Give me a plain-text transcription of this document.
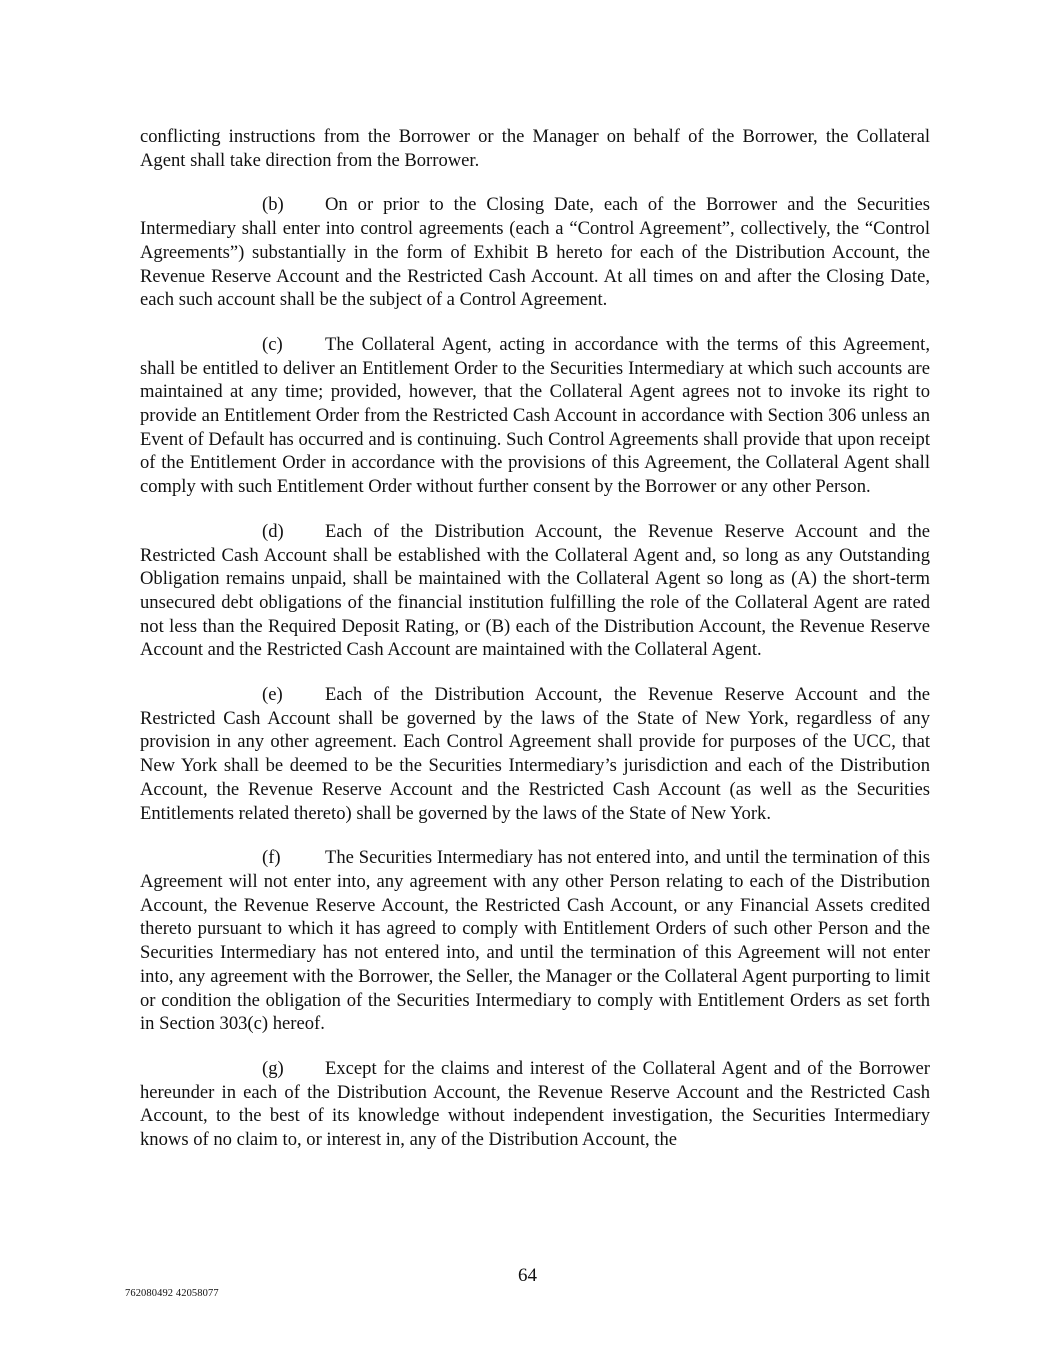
conflicting instructions from the Borrower or the Manager on behalf of the Borrower, the Collateral Agent shall take direction from the Borrower.

(b) On or prior to the Closing Date, each of the Borrower and the Securities Intermediary shall enter into control agreements (each a “Control Agreement”, collectively, the “Control Agreements”) substantially in the form of Exhibit B hereto for each of the Distribution Account, the Revenue Reserve Account and the Restricted Cash Account. At all times on and after the Closing Date, each such account shall be the subject of a Control Agreement.

(c) The Collateral Agent, acting in accordance with the terms of this Agreement, shall be entitled to deliver an Entitlement Order to the Securities Intermediary at which such accounts are maintained at any time; provided, however, that the Collateral Agent agrees not to invoke its right to provide an Entitlement Order from the Restricted Cash Account in accordance with Section 306 unless an Event of Default has occurred and is continuing. Such Control Agreements shall provide that upon receipt of the Entitlement Order in accordance with the provisions of this Agreement, the Collateral Agent shall comply with such Entitlement Order without further consent by the Borrower or any other Person.

(d) Each of the Distribution Account, the Revenue Reserve Account and the Restricted Cash Account shall be established with the Collateral Agent and, so long as any Outstanding Obligation remains unpaid, shall be maintained with the Collateral Agent so long as (A) the short-term unsecured debt obligations of the financial institution fulfilling the role of the Collateral Agent are rated not less than the Required Deposit Rating, or (B) each of the Distribution Account, the Revenue Reserve Account and the Restricted Cash Account are maintained with the Collateral Agent.

(e) Each of the Distribution Account, the Revenue Reserve Account and the Restricted Cash Account shall be governed by the laws of the State of New York, regardless of any provision in any other agreement. Each Control Agreement shall provide for purposes of the UCC, that New York shall be deemed to be the Securities Intermediary’s jurisdiction and each of the Distribution Account, the Revenue Reserve Account and the Restricted Cash Account (as well as the Securities Entitlements related thereto) shall be governed by the laws of the State of New York.

(f) The Securities Intermediary has not entered into, and until the termination of this Agreement will not enter into, any agreement with any other Person relating to each of the Distribution Account, the Revenue Reserve Account, the Restricted Cash Account, or any Financial Assets credited thereto pursuant to which it has agreed to comply with Entitlement Orders of such other Person and the Securities Intermediary has not entered into, and until the termination of this Agreement will not enter into, any agreement with the Borrower, the Seller, the Manager or the Collateral Agent purporting to limit or condition the obligation of the Securities Intermediary to comply with Entitlement Orders as set forth in Section 303(c) hereof.

(g) Except for the claims and interest of the Collateral Agent and of the Borrower hereunder in each of the Distribution Account, the Revenue Reserve Account and the Restricted Cash Account, to the best of its knowledge without independent investigation, the Securities Intermediary knows of no claim to, or interest in, any of the Distribution Account, the

64
762080492 42058077
